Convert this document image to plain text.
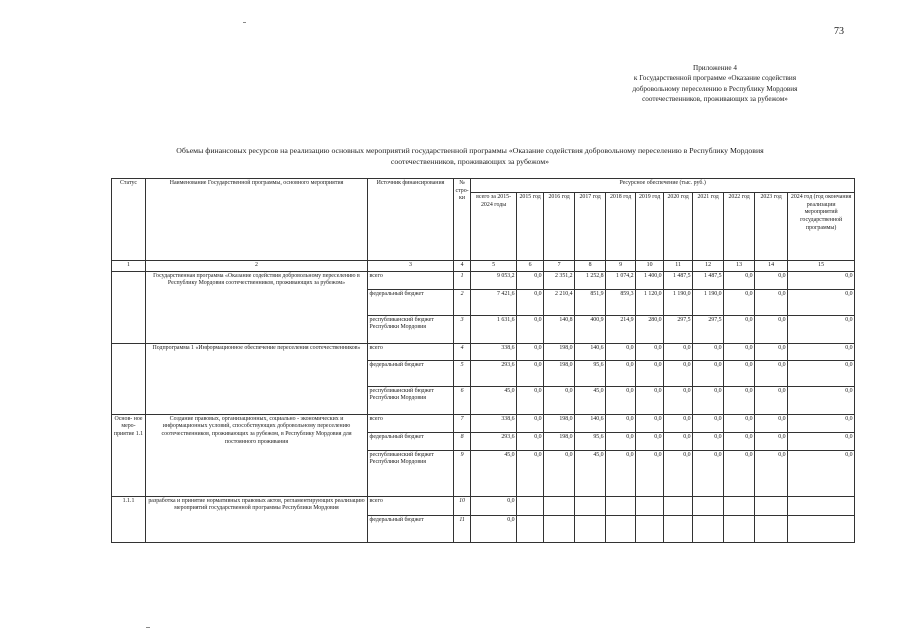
73
Приложение 4
к Государственной программе «Оказание содействия
добровольному переселению в Республику Мордовия
соотечественников, проживающих за рубежом»
Объемы финансовых ресурсов на реализацию основных мероприятий государственной программы «Оказание содействия добровольному переселению в Республику Мордовия
соотечественников, проживающих за рубежом»
Статус	Наименование Государственной программы, основного мероприятия	Источник финансирования	№ стро- ки	Ресурсное обеспечение (тыс. руб.)										
				всего за 2015-2024 годы	2015 год	2016 год	2017 год	2018 год	2019 год	2020 год	2021 год	2022 год	2023 год	2024 год (год окончания реализации мероприятий государственной программы)
1	2	3	4	5	6	7	8	9	10	11	12	13	14	15
	Государственная программа «Оказание содействия добровольному переселению в Республику Мордовия соотечественников, проживающих за рубежом»	всего	1	9 053,2	0,0	2 351,2	1 252,8	1 074,2	1 400,0	1 487,5	1 487,5	0,0	0,0	0,0
		федеральный бюджет	2	7 421,6	0,0	2 210,4	851,9	859,3	1 120,0	1 190,0	1 190,0	0,0	0,0	0,0
		республиканский бюджет Республики Мордовия	3	1 631,6	0,0	140,8	400,9	214,9	280,0	297,5	297,5	0,0	0,0	0,0
	Подпрограмма 1 «Информационное обеспечение переселения соотечественников»	всего	4	338,6	0,0	198,0	140,6	0,0	0,0	0,0	0,0	0,0	0,0	0,0
		федеральный бюджет	5	293,6	0,0	198,0	95,6	0,0	0,0	0,0	0,0	0,0	0,0	0,0
		республиканский бюджет Республики Мордовия	6	45,0	0,0	0,0	45,0	0,0	0,0	0,0	0,0	0,0	0,0	0,0
Основ- ное меро- приятие 1.1	Создание правовых, организационных, социально - экономических и информационных условий, способствующих добровольному переселению соотечественников, проживающих за рубежом, в Республику Мордовия для постоянного проживания	всего	7	338,6	0,0	198,0	140,6	0,0	0,0	0,0	0,0	0,0	0,0	0,0
		федеральный бюджет	8	293,6	0,0	198,0	95,6	0,0	0,0	0,0	0,0	0,0	0,0	0,0
		республиканский бюджет Республики Мордовия	9	45,0	0,0	0,0	45,0	0,0	0,0	0,0	0,0	0,0	0,0	0,0
1.1.1	разработка и принятие нормативных правовых актов, регламентирующих реализацию мероприятий государственной программы Республики Мордовия	всего	10	0,0										
		федеральный бюджет	11	0,0										
